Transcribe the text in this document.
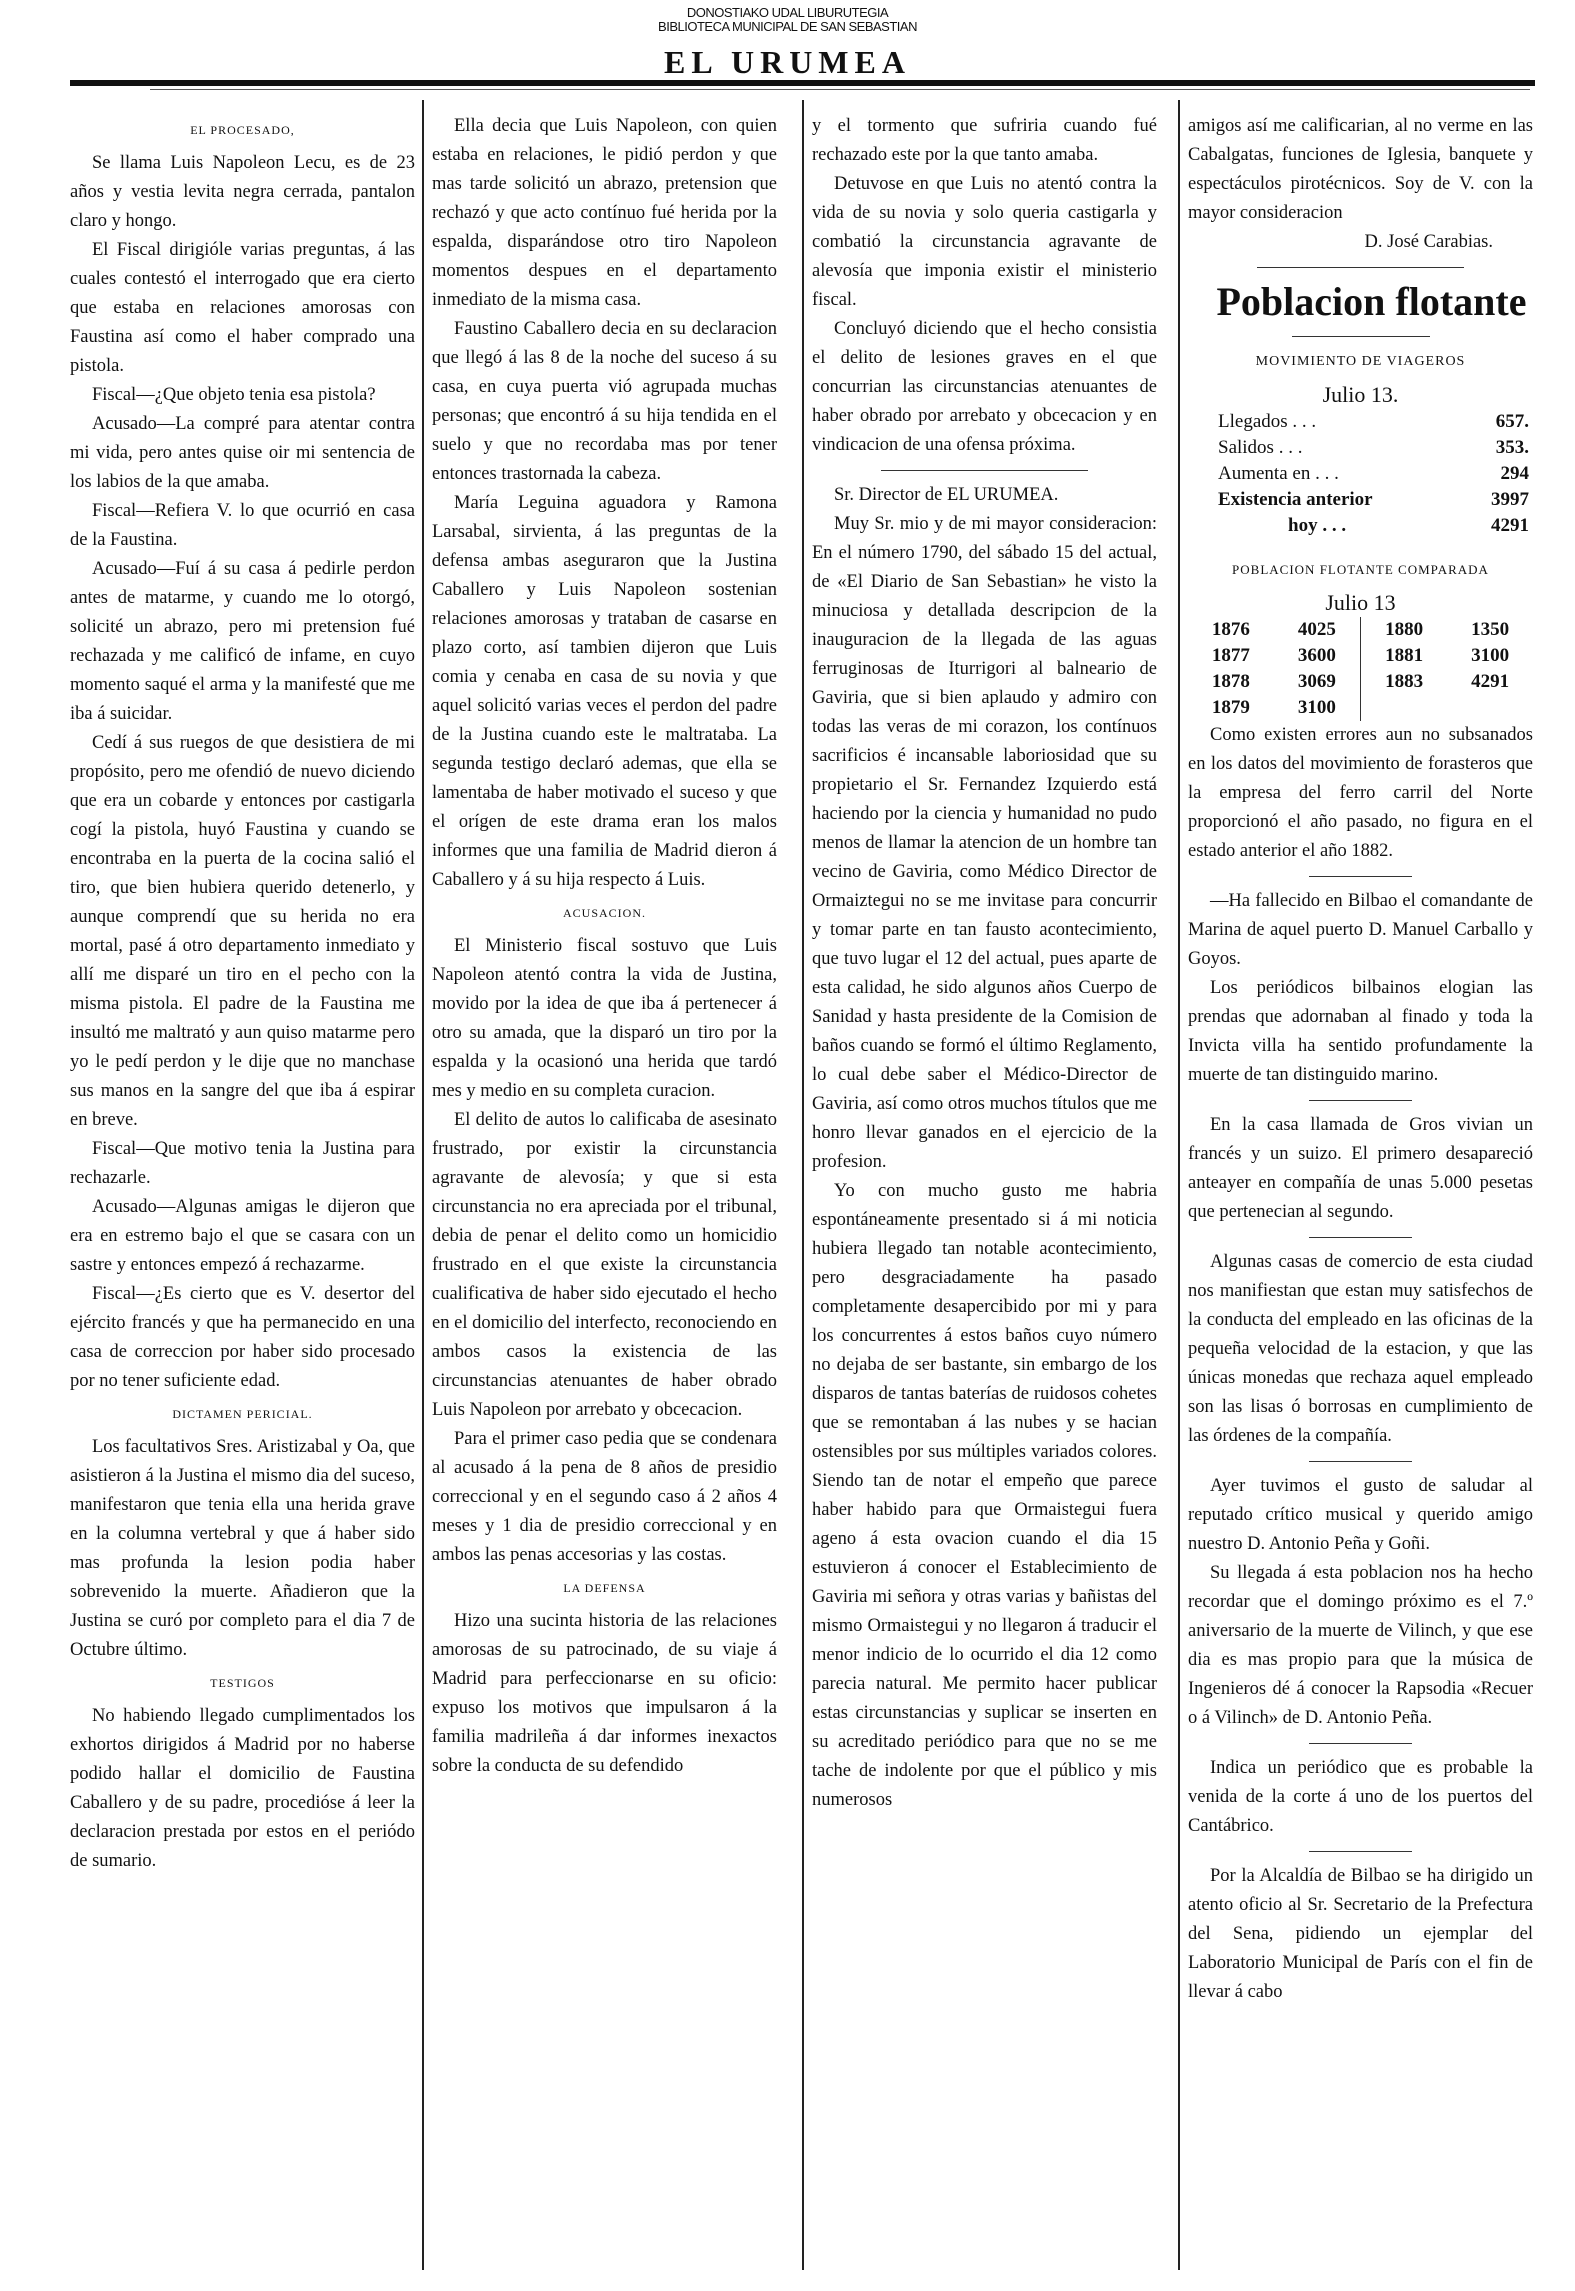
DONOSTIAKO UDAL LIBURUTEGIA
BIBLIOTECA MUNICIPAL DE SAN SEBASTIAN
EL URUMEA

EL PROCESADO,

Se llama Luis Napoleon Lecu, es de 23 años y vestia levita negra cerrada, pantalon claro y hongo.

El Fiscal dirigióle varias preguntas, á las cuales contestó el interrogado que era cierto que estaba en relaciones amorosas con Faustina así como el haber comprado una pistola.

Fiscal—¿Que objeto tenia esa pistola?

Acusado—La compré para atentar contra mi vida, pero antes quise oir mi sentencia de los labios de la que amaba.

Fiscal—Refiera V. lo que ocurrió en casa de la Faustina.

Acusado—Fuí á su casa á pedirle perdon antes de matarme, y cuando me lo otorgó, solicité un abrazo, pero mi pretension fué rechazada y me calificó de infame, en cuyo momento saqué el arma y la manifesté que me iba á suicidar.

Cedí á sus ruegos de que desistiera de mi propósito, pero me ofendió de nuevo diciendo que era un cobarde y entonces por castigarla cogí la pistola, huyó Faustina y cuando se encontraba en la puerta de la cocina salió el tiro, que bien hubiera querido detenerlo, y aunque comprendí que su herida no era mortal, pasé á otro departamento inmediato y allí me disparé un tiro en el pecho con la misma pistola. El padre de la Faustina me insultó me maltrató y aun quiso matarme pero yo le pedí perdon y le dije que no manchase sus manos en la sangre del que iba á espirar en breve.

Fiscal—Que motivo tenia la Justina para rechazarle.

Acusado—Algunas amigas le dijeron que era en estremo bajo el que se casara con un sastre y entonces empezó á rechazarme.

Fiscal—¿Es cierto que es V. desertor del ejército francés y que ha permanecido en una casa de correccion por haber sido procesado por no tener suficiente edad.

DICTAMEN PERICIAL.

Los facultativos Sres. Aristizabal y Oa, que asistieron á la Justina el mismo dia del suceso, manifestaron que tenia ella una herida grave en la columna vertebral y que á haber sido mas profunda la lesion podia haber sobrevenido la muerte. Añadieron que la Justina se curó por completo para el dia 7 de Octubre último.

TESTIGOS

No habiendo llegado cumplimentados los exhortos dirigidos á Madrid por no haberse podido hallar el domicilio de Faustina Caballero y de su padre, procedióse á leer la declaracion prestada por estos en el periódo de sumario.

Ella decia que Luis Napoleon, con quien estaba en relaciones, le pidió perdon y que mas tarde solicitó un abrazo, pretension que rechazó y que acto contínuo fué herida por la espalda, disparándose otro tiro Napoleon momentos despues en el departamento inmediato de la misma casa.

Faustino Caballero decia en su declaracion que llegó á las 8 de la noche del suceso á su casa, en cuya puerta vió agrupada muchas personas; que encontró á su hija tendida en el suelo y que no recordaba mas por tener entonces trastornada la cabeza.

María Leguina aguadora y Ramona Larsabal, sirvienta, á las preguntas de la defensa ambas aseguraron que la Justina Caballero y Luis Napoleon sostenian relaciones amorosas y trataban de casarse en plazo corto, así tambien dijeron que Luis comia y cenaba en casa de su novia y que aquel solicitó varias veces el perdon del padre de la Justina cuando este le maltrataba. La segunda testigo declaró ademas, que ella se lamentaba de haber motivado el suceso y que el orígen de este drama eran los malos informes que una familia de Madrid dieron á Caballero y á su hija respecto á Luis.

ACUSACION.

El Ministerio fiscal sostuvo que Luis Napoleon atentó contra la vida de Justina, movido por la idea de que iba á pertenecer á otro su amada, que la disparó un tiro por la espalda y la ocasionó una herida que tardó mes y medio en su completa curacion.

El delito de autos lo calificaba de asesinato frustrado, por existir la circunstancia agravante de alevosía; y que si esta circunstancia no era apreciada por el tribunal, debia de penar el delito como un homicidio frustrado en el que existe la circunstancia cualificativa de haber sido ejecutado el hecho en el domicilio del interfecto, reconociendo en ambos casos la existencia de las circunstancias atenuantes de haber obrado Luis Napoleon por arrebato y obcecacion.

Para el primer caso pedia que se condenara al acusado á la pena de 8 años de presidio correccional y en el segundo caso á 2 años 4 meses y 1 dia de presidio correccional y en ambos las penas accesorias y las costas.

LA DEFENSA

Hizo una sucinta historia de las relaciones amorosas de su patrocinado, de su viaje á Madrid para perfeccionarse en su oficio: expuso los motivos que impulsaron á la familia madrileña á dar informes inexactos sobre la conducta de su defendido

y el tormento que sufriria cuando fué rechazado este por la que tanto amaba.

Detuvose en que Luis no atentó contra la vida de su novia y solo queria castigarla y combatió la circunstancia agravante de alevosía que imponia existir el ministerio fiscal.

Concluyó diciendo que el hecho consistia el delito de lesiones graves en el que concurrian las circunstancias atenuantes de haber obrado por arrebato y obcecacion y en vindicacion de una ofensa próxima.

Sr. Director de EL URUMEA.

Muy Sr. mio y de mi mayor consideracion: En el número 1790, del sábado 15 del actual, de «El Diario de San Sebastian» he visto la minuciosa y detallada descripcion de la inauguracion de la llegada de las aguas ferruginosas de Iturrigori al balneario de Gaviria, que si bien aplaudo y admiro con todas las veras de mi corazon, los contínuos sacrificios é incansable laboriosidad que su propietario el Sr. Fernandez Izquierdo está haciendo por la ciencia y humanidad no pudo menos de llamar la atencion de un hombre tan vecino de Gaviria, como Médico Director de Ormaiztegui no se me invitase para concurrir y tomar parte en tan fausto acontecimiento, que tuvo lugar el 12 del actual, pues aparte de esta calidad, he sido algunos años Cuerpo de Sanidad y hasta presidente de la Comision de baños cuando se formó el último Reglamento, lo cual debe saber el Médico-Director de Gaviria, así como otros muchos títulos que me honro llevar ganados en el ejercicio de la profesion.

Yo con mucho gusto me habria espontáneamente presentado si á mi noticia hubiera llegado tan notable acontecimiento, pero desgraciadamente ha pasado completamente desapercibido por mi y para los concurrentes á estos baños cuyo número no dejaba de ser bastante, sin embargo de los disparos de tantas baterías de ruidosos cohetes que se remontaban á las nubes y se hacian ostensibles por sus múltiples variados colores. Siendo tan de notar el empeño que parece haber habido para que Ormaistegui fuera ageno á esta ovacion cuando el dia 15 estuvieron á conocer el Establecimiento de Gaviria mi señora y otras varias y bañistas del mismo Ormaistegui y no llegaron á traducir el menor indicio de lo ocurrido el dia 12 como parecia natural. Me permito hacer publicar estas circunstancias y suplicar se inserten en su acreditado periódico para que no se me tache de indolente por que el público y mis numerosos

amigos así me calificarian, al no verme en las Cabalgatas, funciones de Iglesia, banquete y espectáculos pirotécnicos. Soy de V. con la mayor consideracion

D. José Carabias.

Poblacion flotante

MOVIMIENTO DE VIAGEROS

Julio 13.

Llegados . . .	657.
Salidos . . .	353.
Aumenta en . . .	294
Existencia anterior	3997
hoy . . .	4291

POBLACION FLOTANTE COMPARADA

Julio 13

1876	4025	1880	1350
1877	3600	1881	3100
1878	3069	1883	4291
1879	3100		

Como existen errores aun no subsanados en los datos del movimiento de forasteros que la empresa del ferro carril del Norte proporcionó el año pasado, no figura en el estado anterior el año 1882.

—Ha fallecido en Bilbao el comandante de Marina de aquel puerto D. Manuel Carballo y Goyos.

Los periódicos bilbainos elogian las prendas que adornaban al finado y toda la Invicta villa ha sentido profundamente la muerte de tan distinguido marino.

En la casa llamada de Gros vivian un francés y un suizo. El primero desapareció anteayer en compañía de unas 5.000 pesetas que pertenecian al segundo.

Algunas casas de comercio de esta ciudad nos manifiestan que estan muy satisfechos de la conducta del empleado en las oficinas de la pequeña velocidad de la estacion, y que las únicas monedas que rechaza aquel empleado son las lisas ó borrosas en cumplimiento de las órdenes de la compañía.

Ayer tuvimos el gusto de saludar al reputado crítico musical y querido amigo nuestro D. Antonio Peña y Goñi.

Su llegada á esta poblacion nos ha hecho recordar que el domingo próximo es el 7.º aniversario de la muerte de Vilinch, y que ese dia es mas propio para que la música de Ingenieros dé á conocer la Rapsodia «Recuer o á Vilinch» de D. Antonio Peña.

Indica un periódico que es probable la venida de la corte á uno de los puertos del Cantábrico.

Por la Alcaldía de Bilbao se ha dirigido un atento oficio al Sr. Secretario de la Prefectura del Sena, pidiendo un ejemplar del Laboratorio Municipal de París con el fin de llevar á cabo
